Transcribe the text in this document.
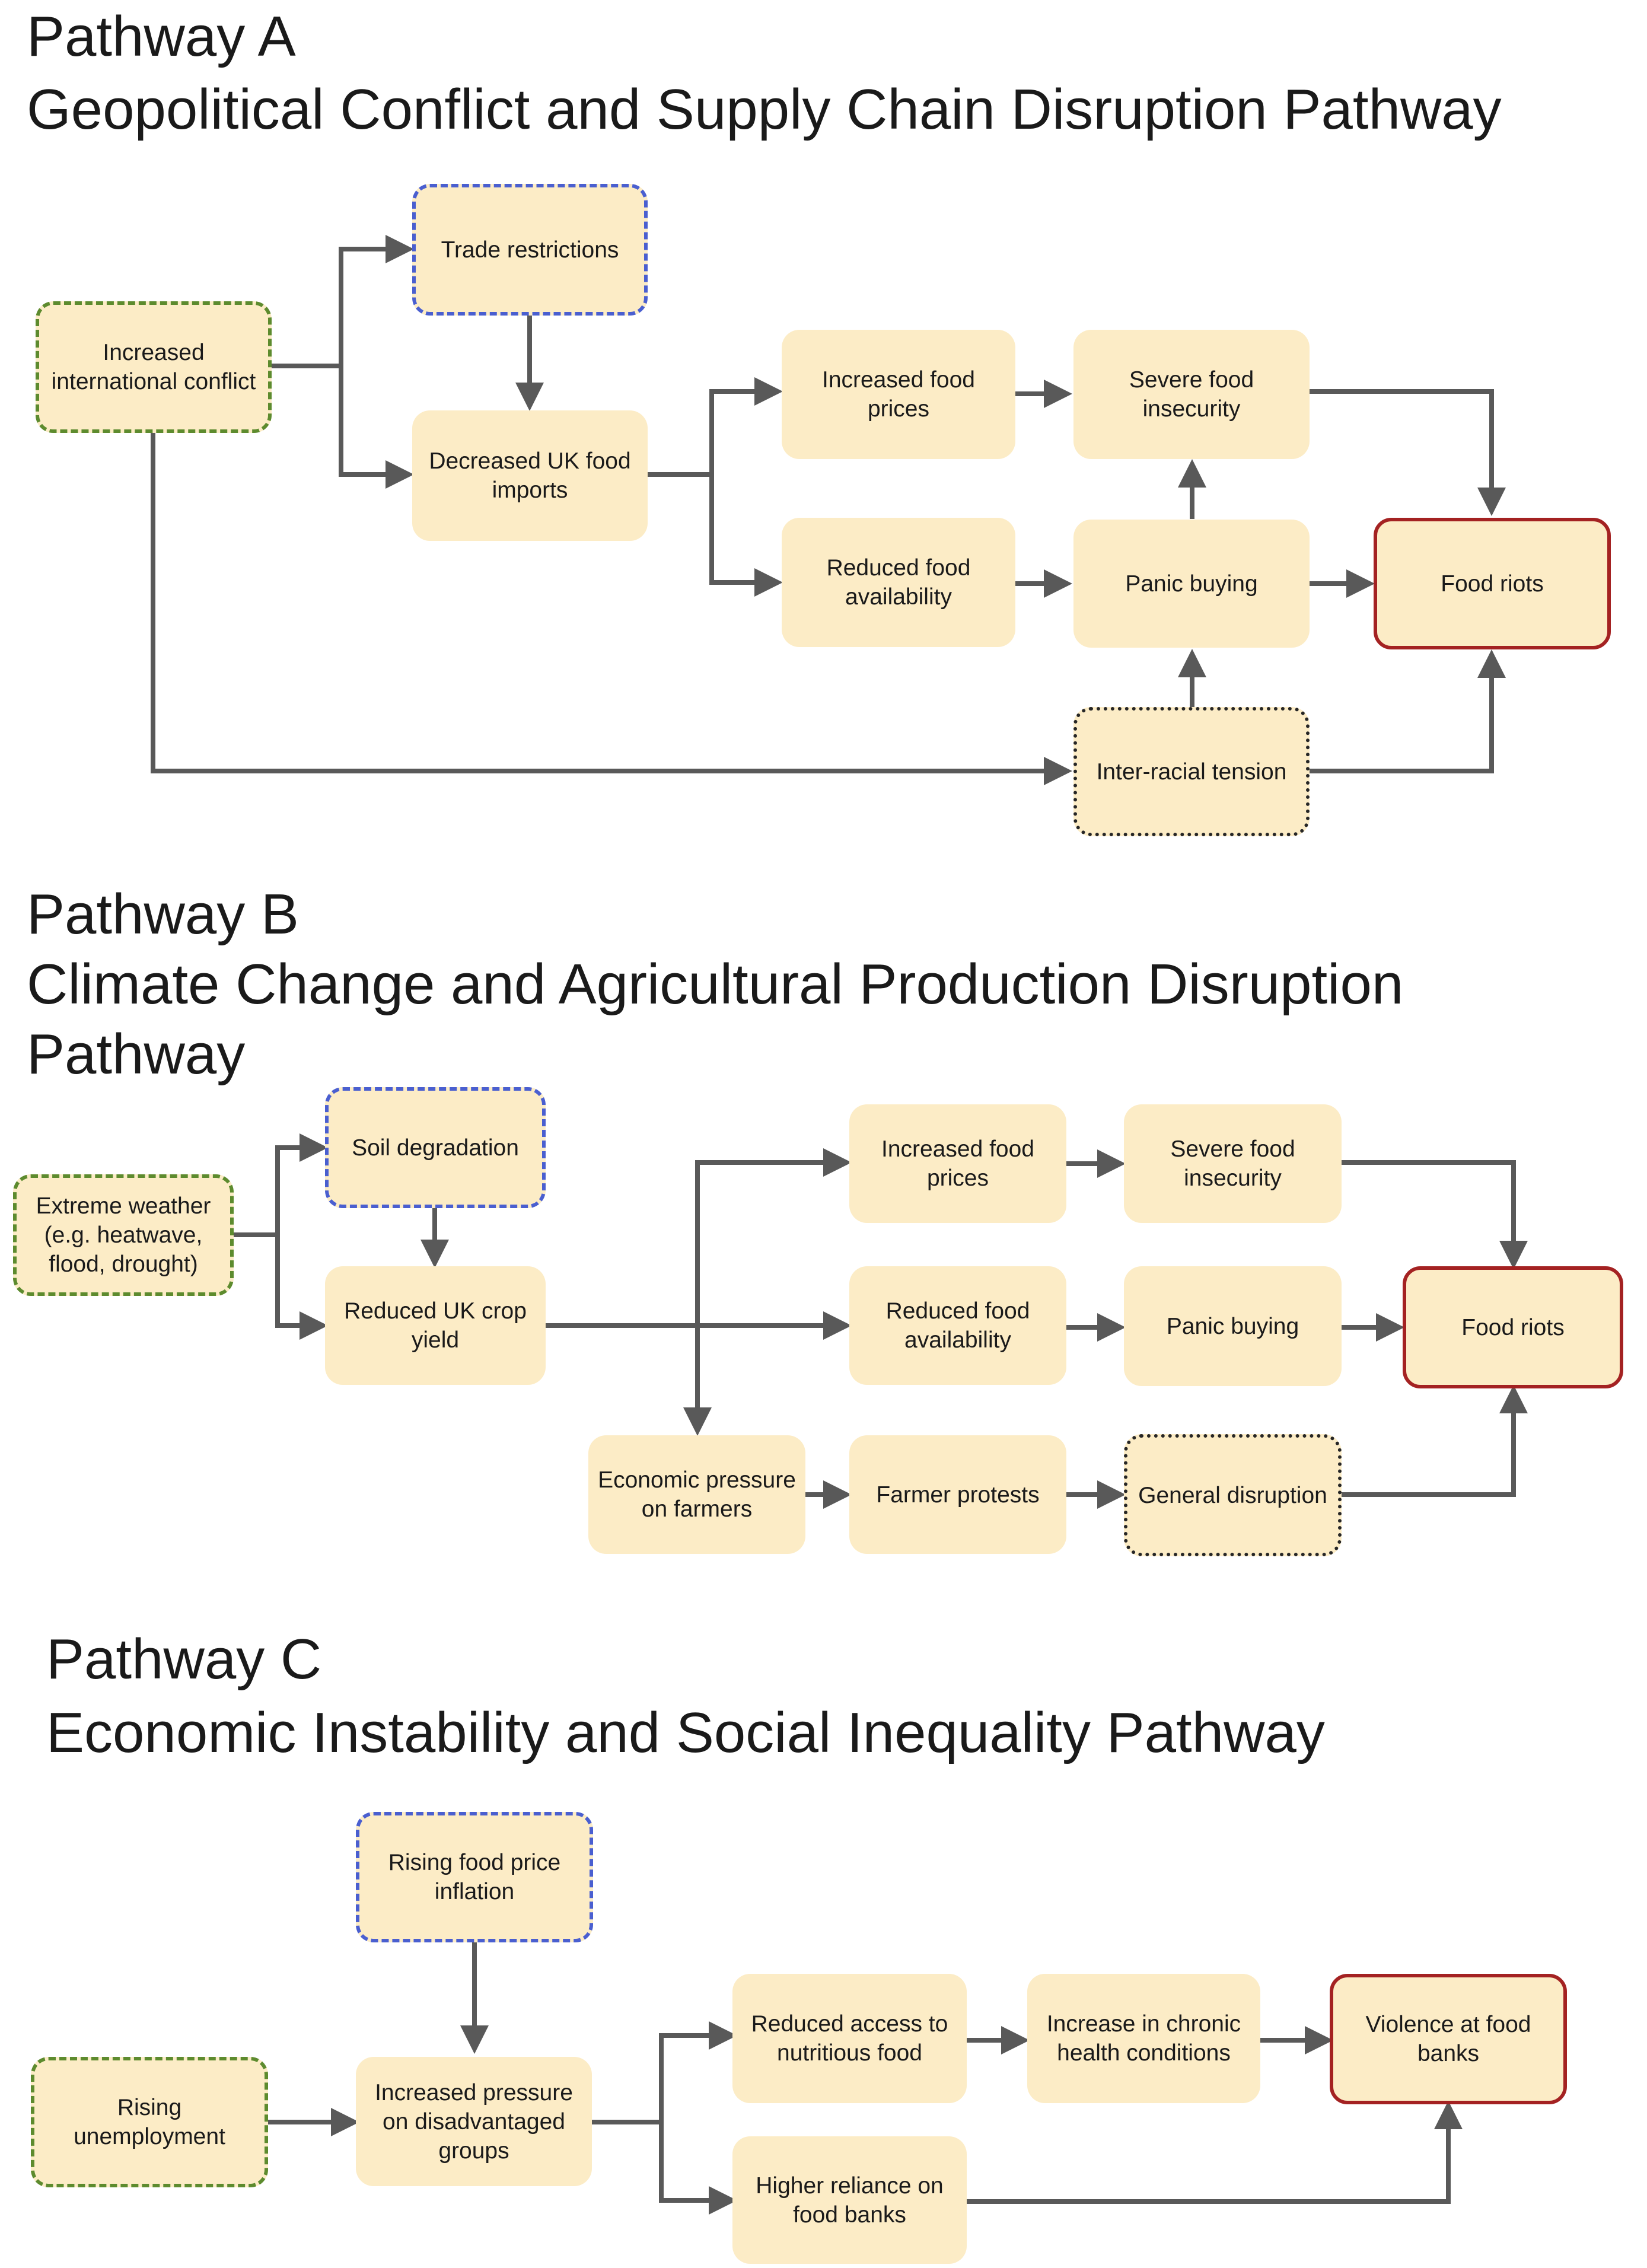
Pathway A
Geopolitical Conflict and Supply Chain Disruption Pathway
Pathway B
Climate Change and Agricultural Production Disruption
Pathway
Pathway C
Economic Instability and Social Inequality Pathway
Increased international conflict
Trade restrictions
Decreased UK food imports
Increased food prices
Severe food insecurity
Reduced food availability
Panic buying	Food riots
Inter-racial tension
Extreme weather (e.g. heatwave, flood, drought)
Soil degradation
Reduced UK crop yield
Increased food prices
Severe food insecurity
Reduced food availability
Panic buying	Food riots
Economic pressure on farmers
Farmer protests	General disruption
Rising unemployment
Rising food price inflation
Increased pressure on disadvantaged groups
Reduced access to nutritious food
Increase in chronic health conditions
Violence at food banks
Higher reliance on food banks
